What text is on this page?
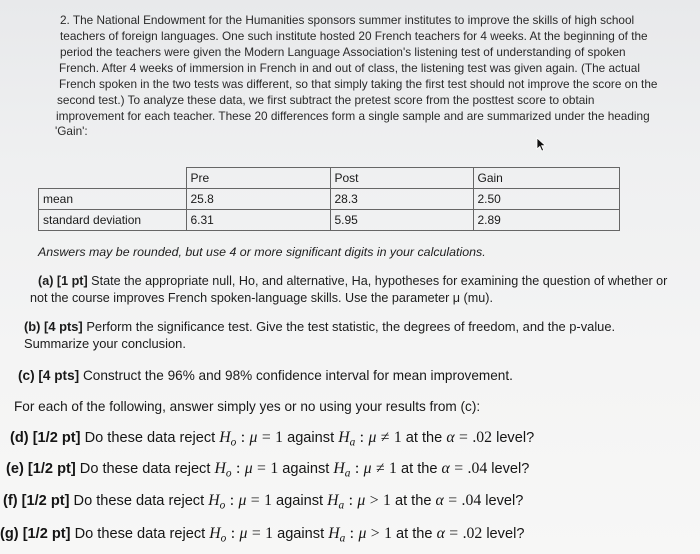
2. The National Endowment for the Humanities sponsors summer institutes to improve the skills of high school
teachers of foreign languages. One such institute hosted 20 French teachers for 4 weeks. At the beginning of the
period the teachers were given the Modern Language Association's listening test of understanding of spoken
French. After 4 weeks of immersion in French in and out of class, the listening test was given again. (The actual
French spoken in the two tests was different, so that simply taking the first test should not improve the score on the
second test.) To analyze these data, we first subtract the pretest score from the posttest score to obtain
improvement for each teacher. These 20 differences form a single sample and are summarized under the heading
'Gain':
	Pre	Post	Gain
mean	25.8	28.3	2.50
standard deviation	6.31	5.95	2.89
Answers may be rounded, but use 4 or more significant digits in your calculations.
(a) [1 pt] State the appropriate null, Ho, and alternative, Ha, hypotheses for examining the question of whether or
not the course improves French spoken-language skills. Use the parameter μ (mu).
(b) [4 pts] Perform the significance test. Give the test statistic, the degrees of freedom, and the p-value.
Summarize your conclusion.
(c) [4 pts] Construct the 96% and 98% confidence interval for mean improvement.
For each of the following, answer simply yes or no using your results from (c):
(d) [1/2 pt] Do these data reject $H_o$ : μ = 1 against $H_a$ : μ ≠ 1 at the α = .02 level?
(e) [1/2 pt] Do these data reject $H_o$ : μ = 1 against $H_a$ : μ ≠ 1 at the α = .04 level?
(f) [1/2 pt] Do these data reject $H_o$ : μ = 1 against $H_a$ : μ > 1 at the α = .04 level?
(g) [1/2 pt] Do these data reject $H_o$ : μ = 1 against $H_a$ : μ > 1 at the α = .02 level?
